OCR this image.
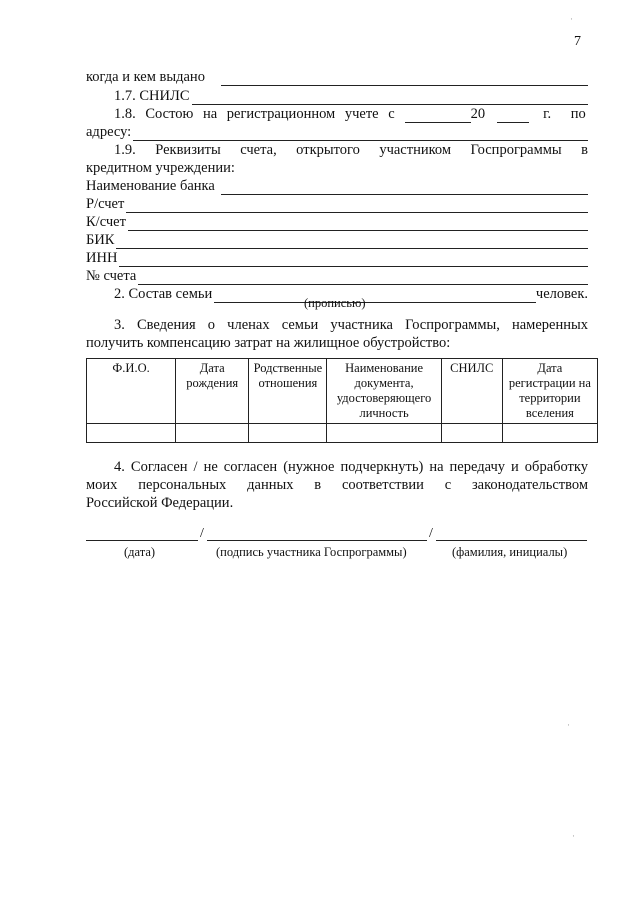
7
когда и кем выдано
1.7. СНИЛС
1.8. Состою на регистрационном учете с	20	г. по
адресу:
1.9. Реквизиты счета, открытого участником Госпрограммы в
кредитном учреждении:
Наименование банка
Р/счет
К/счет
БИК
ИНН
№ счета
2. Состав семьи	человек.
(прописью)
3. Сведения о членах семьи участника Госпрограммы, намеренных
получить компенсацию затрат на жилищное обустройство:
Ф.И.О.	Дата рождения	Родственные отношения	Наименование документа, удостоверяющего личность	СНИЛС	Дата регистрации на территории вселения

4. Согласен / не согласен (нужное подчеркнуть) на передачу и обработку
моих персональных данных в соответствии с законодательством
Российской Федерации.
/	/
(дата)	(подпись участника Госпрограммы)	(фамилия, инициалы)
·
·
·
